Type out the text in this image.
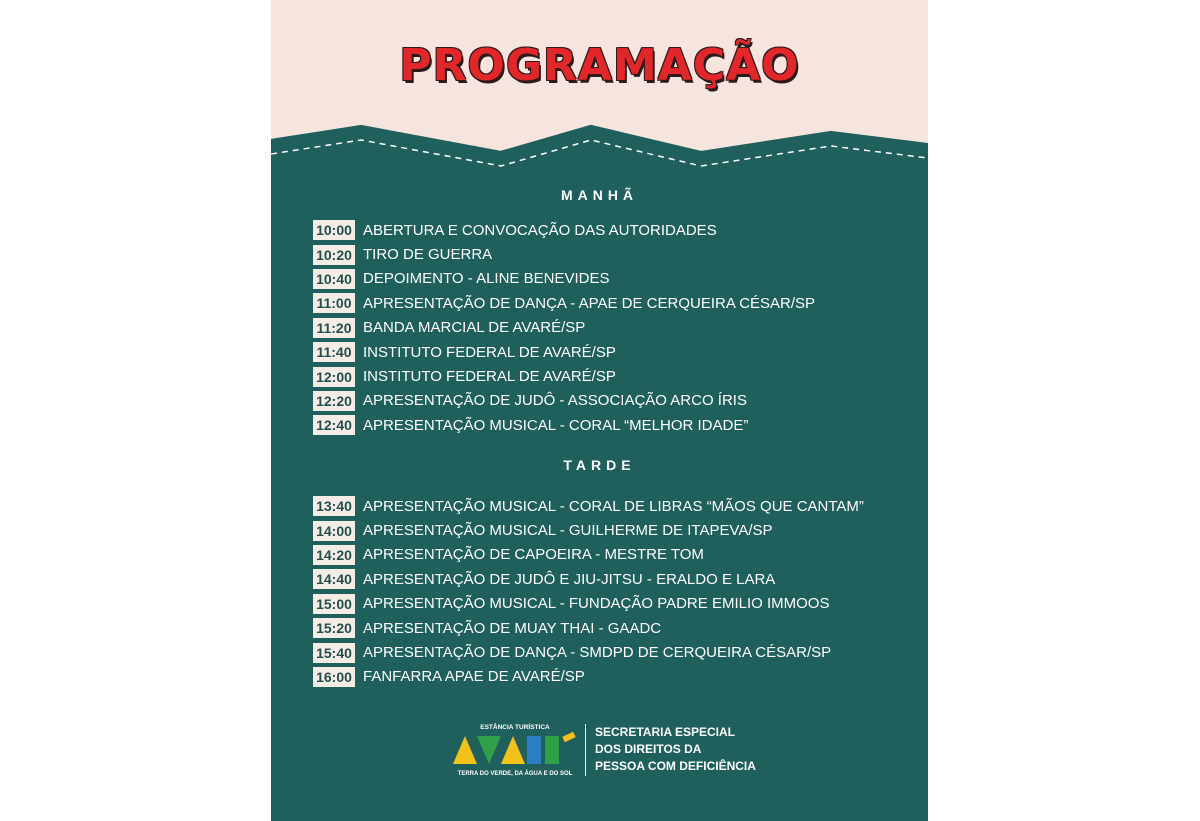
PROGRAMAÇÃO
MANHÃ
10:00 ABERTURA E CONVOCAÇÃO DAS AUTORIDADES
10:20 TIRO DE GUERRA
10:40 DEPOIMENTO - ALINE BENEVIDES
11:00 APRESENTAÇÃO DE DANÇA - APAE DE CERQUEIRA CÉSAR/SP
11:20 BANDA MARCIAL DE AVARÉ/SP
11:40 INSTITUTO FEDERAL DE AVARÉ/SP
12:00 INSTITUTO FEDERAL DE AVARÉ/SP
12:20 APRESENTAÇÃO DE JUDÔ - ASSOCIAÇÃO ARCO ÍRIS
12:40 APRESENTAÇÃO MUSICAL - CORAL “MELHOR IDADE”
TARDE
13:40 APRESENTAÇÃO MUSICAL - CORAL DE LIBRAS “MÃOS QUE CANTAM”
14:00 APRESENTAÇÃO MUSICAL - GUILHERME DE ITAPEVA/SP
14:20 APRESENTAÇÃO DE CAPOEIRA - MESTRE TOM
14:40 APRESENTAÇÃO DE JUDÔ E JIU-JITSU - ERALDO E LARA
15:00 APRESENTAÇÃO MUSICAL - FUNDAÇÃO PADRE EMILIO IMMOOS
15:20 APRESENTAÇÃO DE MUAY THAI - GAADC
15:40 APRESENTAÇÃO DE DANÇA - SMDPD DE CERQUEIRA CÉSAR/SP
16:00 FANFARRA APAE DE AVARÉ/SP
ESTÂNCIA TURÍSTICA
TERRA DO VERDE, DA ÁGUA E DO SOL
AVARÉ
SECRETARIA ESPECIAL
DOS DIREITOS DA
PESSOA COM DEFICIÊNCIA
